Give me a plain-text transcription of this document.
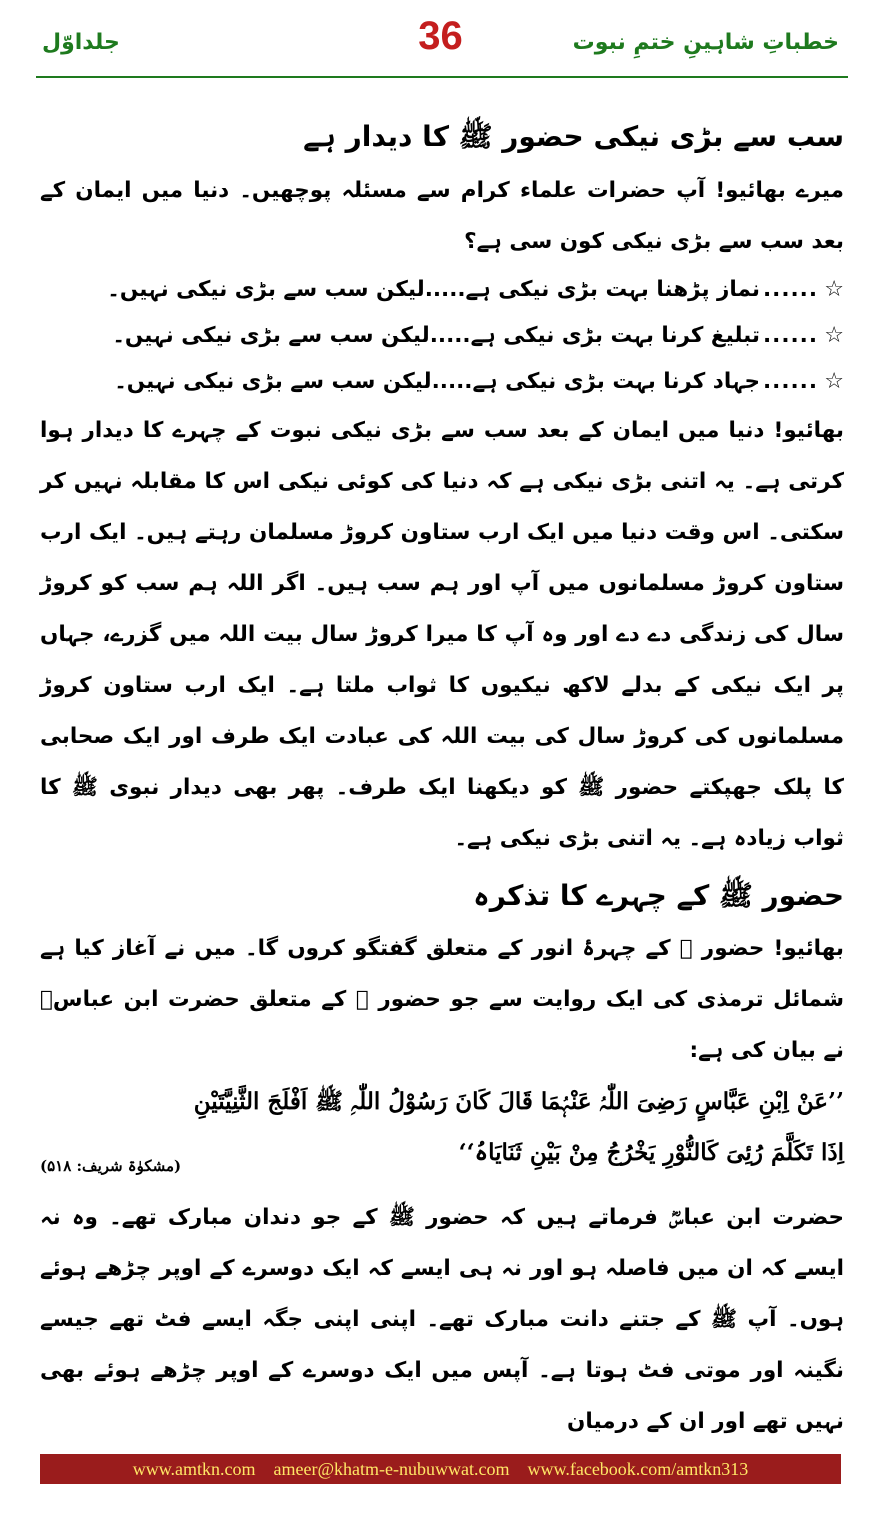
جلداوّل	36	خطباتِ شاہینِ ختمِ نبوت
سب سے بڑی نیکی حضور ﷺ کا دیدار ہے

میرے بھائیو! آپ حضرات علماء کرام سے مسئلہ پوچھیں۔ دنیا میں ایمان کے بعد سب سے بڑی نیکی کون سی ہے؟

☆
......
نماز پڑھنا بہت بڑی نیکی ہے.....لیکن سب سے بڑی نیکی نہیں۔
☆
......
تبلیغ کرنا بہت بڑی نیکی ہے.....لیکن سب سے بڑی نیکی نہیں۔
☆
......
جہاد کرنا بہت بڑی نیکی ہے.....لیکن سب سے بڑی نیکی نہیں۔

بھائیو! دنیا میں ایمان کے بعد سب سے بڑی نیکی نبوت کے چہرے کا دیدار ہوا کرتی ہے۔ یہ اتنی بڑی نیکی ہے کہ دنیا کی کوئی نیکی اس کا مقابلہ نہیں کر سکتی۔ اس وقت دنیا میں ایک ارب ستاون کروڑ مسلمان رہتے ہیں۔ ایک ارب ستاون کروڑ مسلمانوں میں آپ اور ہم سب ہیں۔ اگر اللہ ہم سب کو کروڑ سال کی زندگی دے دے اور وہ آپ کا میرا کروڑ سال بیت اللہ میں گزرے، جہاں پر ایک نیکی کے بدلے لاکھ نیکیوں کا ثواب ملتا ہے۔ ایک ارب ستاون کروڑ مسلمانوں کی کروڑ سال کی بیت اللہ کی عبادت ایک طرف اور ایک صحابی کا پلک جھپکتے حضور ﷺ کو دیکھنا ایک طرف۔ پھر بھی دیدار نبوی ﷺ کا ثواب زیادہ ہے۔ یہ اتنی بڑی نیکی ہے۔

حضور ﷺ کے چہرے کا تذکرہ

بھائیو! حضور ﷺ کے چہرۂ انور کے متعلق گفتگو کروں گا۔ میں نے آغاز کیا ہے شمائل ترمذی کی ایک روایت سے جو حضور ﷺ کے متعلق حضرت ابن عباسؓ نے بیان کی ہے:

’’عَنْ اِبْنِ عَبَّاسٍ رَضِیَ اللّٰہُ عَنْہُمَا قَالَ کَانَ رَسُوْلُ اللّٰہِ ﷺ اَفْلَجَ الثَّنِیَّتَیْنِ

اِذَا تَکَلَّمَ رُئِیَ کَالنُّوْرِ یَخْرُجُ مِنْ بَیْنِ ثَنَایَاہُ‘‘
(مشکوٰۃ شریف: ۵۱۸)

حضرت ابن عباسؓ فرماتے ہیں کہ حضور ﷺ کے جو دندان مبارک تھے۔ وہ نہ ایسے کہ ان میں فاصلہ ہو اور نہ ہی ایسے کہ ایک دوسرے کے اوپر چڑھے ہوئے ہوں۔ آپ ﷺ کے جتنے دانت مبارک تھے۔ اپنی اپنی جگہ ایسے فٹ تھے جیسے نگینہ اور موتی فٹ ہوتا ہے۔ آپس میں ایک دوسرے کے اوپر چڑھے ہوئے بھی نہیں تھے اور ان کے درمیان

www.amtkn.com ameer@khatm-e-nubuwwat.com www.facebook.com/amtkn313
